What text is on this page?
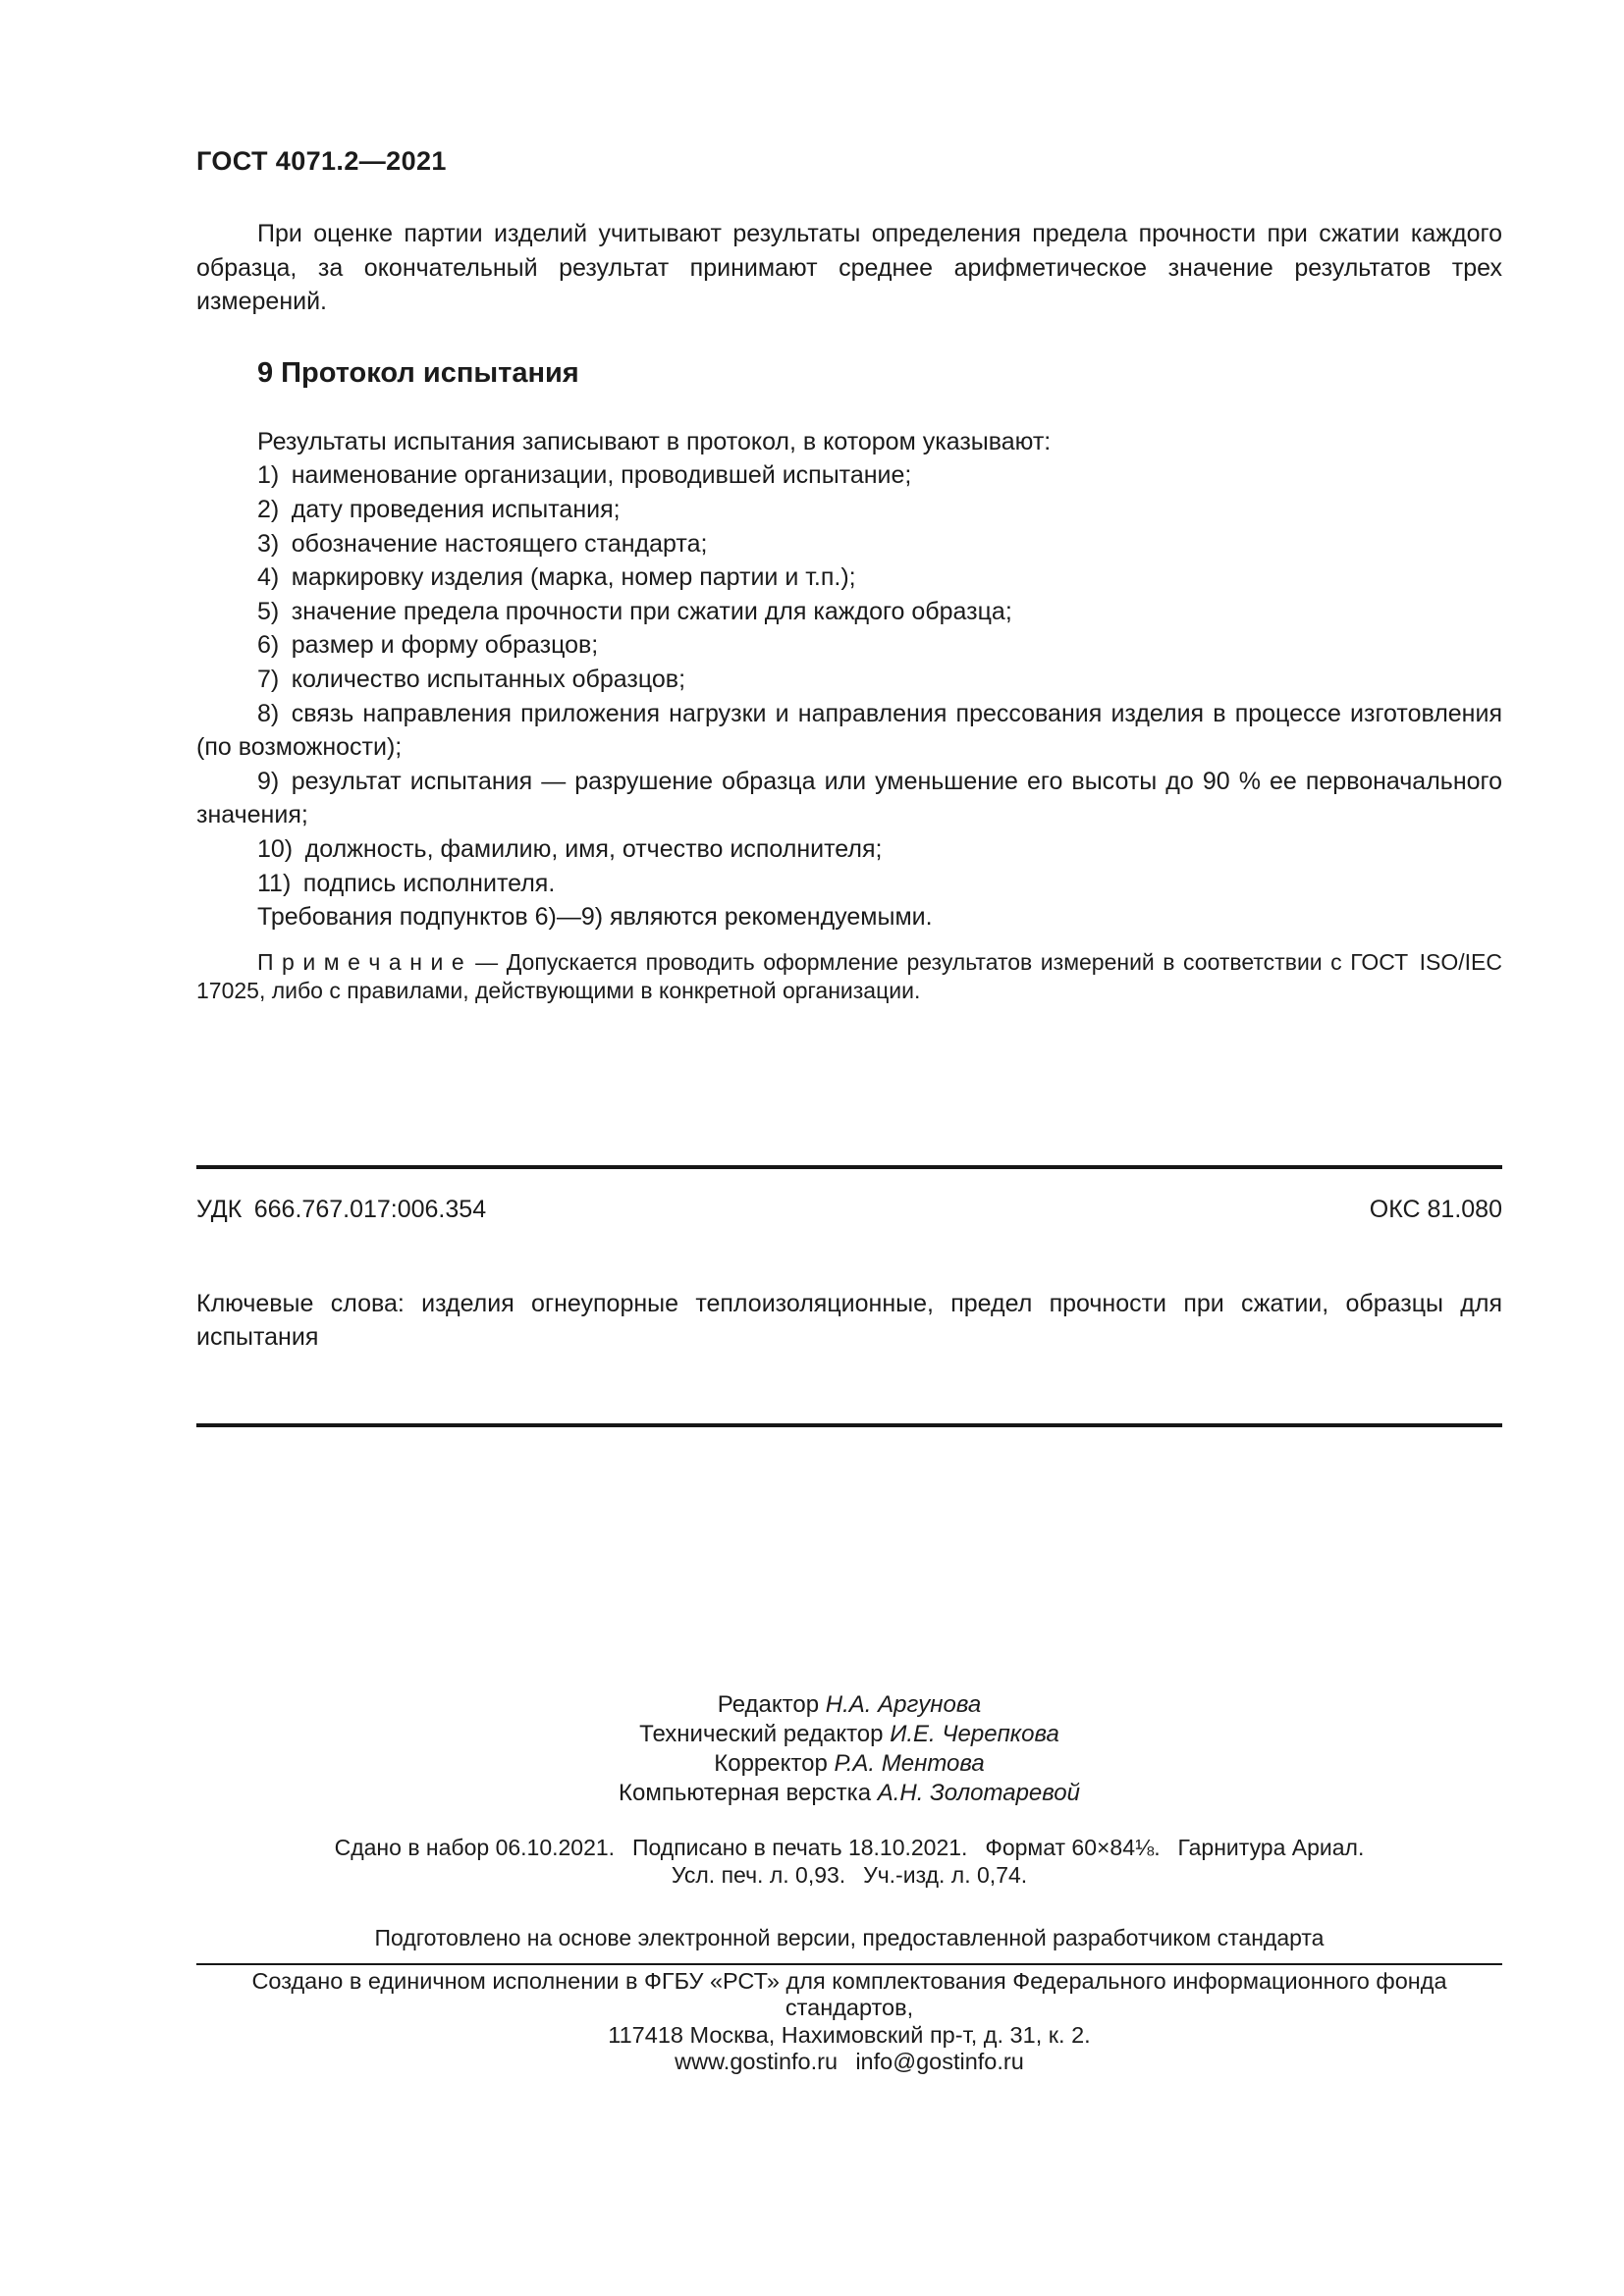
ГОСТ 4071.2—2021

При оценке партии изделий учитывают результаты определения предела прочности при сжатии каждого образца, за окончательный результат принимают среднее арифметическое значение результатов трех измерений.

9 Протокол испытания

Результаты испытания записывают в протокол, в котором указывают:

1) наименование организации, проводившей испытание;

2) дату проведения испытания;

3) обозначение настоящего стандарта;

4) маркировку изделия (марка, номер партии и т.п.);

5) значение предела прочности при сжатии для каждого образца;

6) размер и форму образцов;

7) количество испытанных образцов;

8) связь направления приложения нагрузки и направления прессования изделия в процессе изготовления (по возможности);

9) результат испытания — разрушение образца или уменьшение его высоты до 90 % ее первоначального значения;

10) должность, фамилию, имя, отчество исполнителя;

11) подпись исполнителя.

Требования подпунктов 6)—9) являются рекомендуемыми.

П р и м е ч а н и е — Допускается проводить оформление результатов измерений в соответствии с ГОСТ ISO/IEC 17025, либо с правилами, действующими в конкретной организации.

УДК 666.767.017:006.354	ОКС 81.080

Ключевые слова: изделия огнеупорные теплоизоляционные, предел прочности при сжатии, образцы для испытания

Редактор Н.А. Аргунова
Технический редактор И.Е. Черепкова
Корректор Р.А. Ментова
Компьютерная верстка А.Н. Золотаревой
Сдано в набор 06.10.2021.  Подписано в печать 18.10.2021.  Формат 60×84⅛.  Гарнитура Ариал.
Усл. печ. л. 0,93.  Уч.-изд. л. 0,74.

Подготовлено на основе электронной версии, предоставленной разработчиком стандарта

Создано в единичном исполнении в ФГБУ «РСТ» для комплектования Федерального информационного фонда стандартов,
117418 Москва, Нахимовский пр-т, д. 31, к. 2.
www.gostinfo.ru  info@gostinfo.ru
